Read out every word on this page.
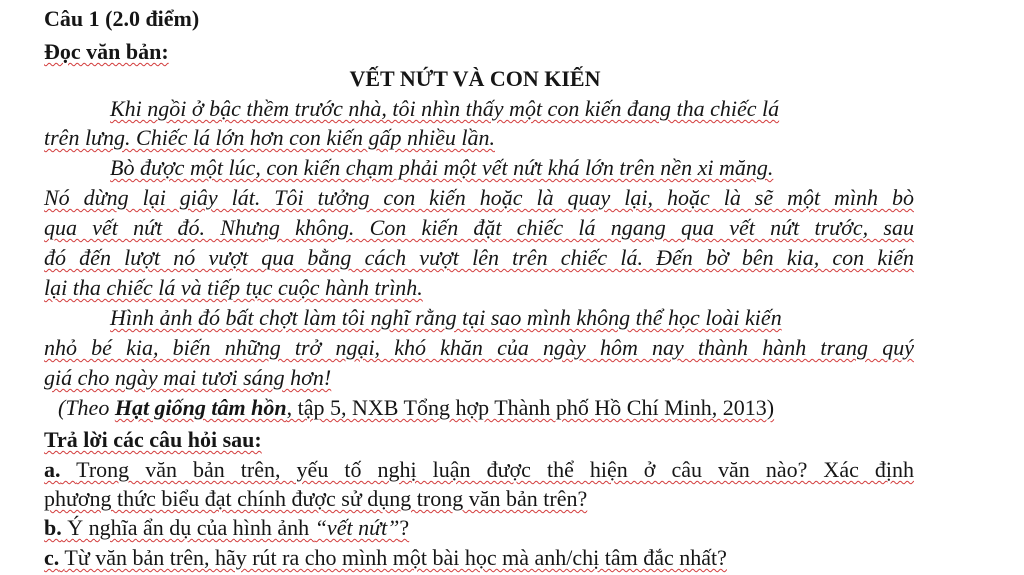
Câu 1 (2.0 điểm)
Đọc văn bản:
VẾT NỨT VÀ CON KIẾN
Khi ngồi ở bậc thềm trước nhà, tôi nhìn thấy một con kiến đang tha chiếc lá
trên lưng. Chiếc lá lớn hơn con kiến gấp nhiều lần.
Bò được một lúc, con kiến chạm phải một vết nứt khá lớn trên nền xi măng.
Nó dừng lại giây lát. Tôi tưởng con kiến hoặc là quay lại, hoặc là sẽ một mình bò
qua vết nứt đó. Nhưng không. Con kiến đặt chiếc lá ngang qua vết nứt trước, sau
đó đến lượt nó vượt qua bằng cách vượt lên trên chiếc lá. Đến bờ bên kia, con kiến
lại tha chiếc lá và tiếp tục cuộc hành trình.
Hình ảnh đó bất chợt làm tôi nghĩ rằng tại sao mình không thể học loài kiến
nhỏ bé kia, biến những trở ngại, khó khăn của ngày hôm nay thành hành trang quý
giá cho ngày mai tươi sáng hơn!
(Theo Hạt giống tâm hồn, tập 5, NXB Tổng hợp Thành phố Hồ Chí Minh, 2013)
Trả lời các câu hỏi sau:
a. Trong văn bản trên, yếu tố nghị luận được thể hiện ở câu văn nào? Xác định
phương thức biểu đạt chính được sử dụng trong văn bản trên?
b. Ý nghĩa ẩn dụ của hình ảnh “vết nứt”?
c. Từ văn bản trên, hãy rút ra cho mình một bài học mà anh/chị tâm đắc nhất?
